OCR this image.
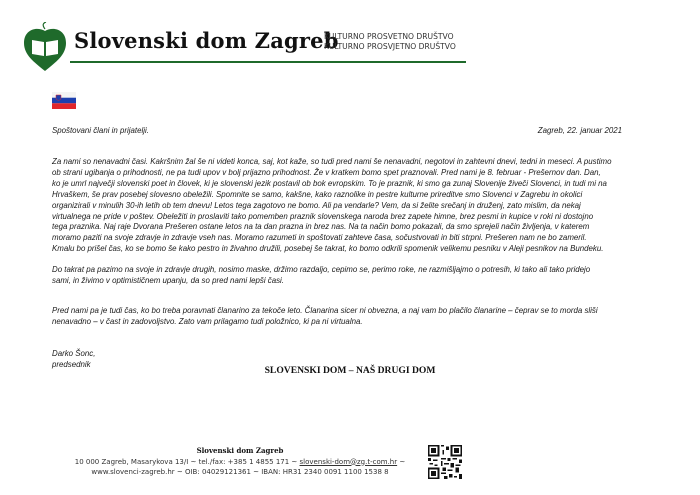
Slovenski dom Zagreb
KULTURNO PROSVETNO DRUŠTVO
KULTURNO PROSVJETNO DRUŠTVO
Spoštovani člani in prijatelji.	Zagreb, 22. januar 2021
Za nami so nenavadni časi. Kakršnim žal še ni videti konca, saj, kot kaže, so tudi pred nami še nenavadni, negotovi in zahtevni dnevi, tedni in meseci. A pustimo
ob strani ugibanja o prihodnosti, ne pa tudi upov v bolj prijazno prihodnost. Že v kratkem bomo spet praznovali. Pred nami je 8. februar - Prešernov dan. Dan,
ko je umrl največji slovenski poet in človek, ki je slovenski jezik postavil ob bok evropskim. To je praznik, ki smo ga zunaj Slovenije živeči Slovenci, in tudi mi na
Hrvaškem, še prav posebej slovesno obeležili. Spomnite se samo, kakšne, kako raznolike in pestre kulturne prireditve smo Slovenci v Zagrebu in okolici
organizirali v minulih 30-ih letih ob tem dnevu! Letos tega zagotovo ne bomo. Ali pa vendarle? Vem, da si želite srečanj in druženj, zato mislim, da nekaj
virtualnega ne pride v poštev. Obeležiti in proslaviti tako pomemben praznik slovenskega naroda brez zapete himne, brez pesmi in kupice v roki ni dostojno
tega praznika. Naj raje Dvorana Prešeren ostane letos na ta dan prazna in brez nas. Na ta način bomo pokazali, da smo sprejeli način življenja, v katerem
moramo paziti na svoje zdravje in zdravje vseh nas. Moramo razumeti in spoštovati zahteve časa, sočustvovati in biti strpni. Prešeren nam ne bo zameril.
Kmalu bo prišel čas, ko se bomo še kako pestro in živahno družili, posebej še takrat, ko bomo odkrili spomenik velikemu pesniku v Aleji pesnikov na Bundeku.
Do takrat pa pazimo na svoje in zdravje drugih, nosimo maske, držimo razdaljo, cepimo se, perimo roke, ne razmišljajmo o potresih, ki tako ali tako pridejo
sami, in živimo v optimističnem upanju, da so pred nami lepši časi.
Pred nami pa je tudi čas, ko bo treba poravnati članarino za tekoče leto. Članarina sicer ni obvezna, a naj vam bo plačilo članarine – čeprav se to morda sliši
nenavadno – v čast in zadovoljstvo. Zato vam prilagamo tudi položnico, ki pa ni virtualna.
Darko Šonc,
predsednik
SLOVENSKI DOM – NAŠ DRUGI DOM
Slovenski dom Zagreb
10 000 Zagreb, Masarykova 13/I ~ tel./fax: +385 1 4855 171 ~ slovenski-dom@zg.t-com.hr ~
www.slovenci-zagreb.hr ~ OIB: 04029121361 ~ IBAN: HR31 2340 0091 1100 1538 8
